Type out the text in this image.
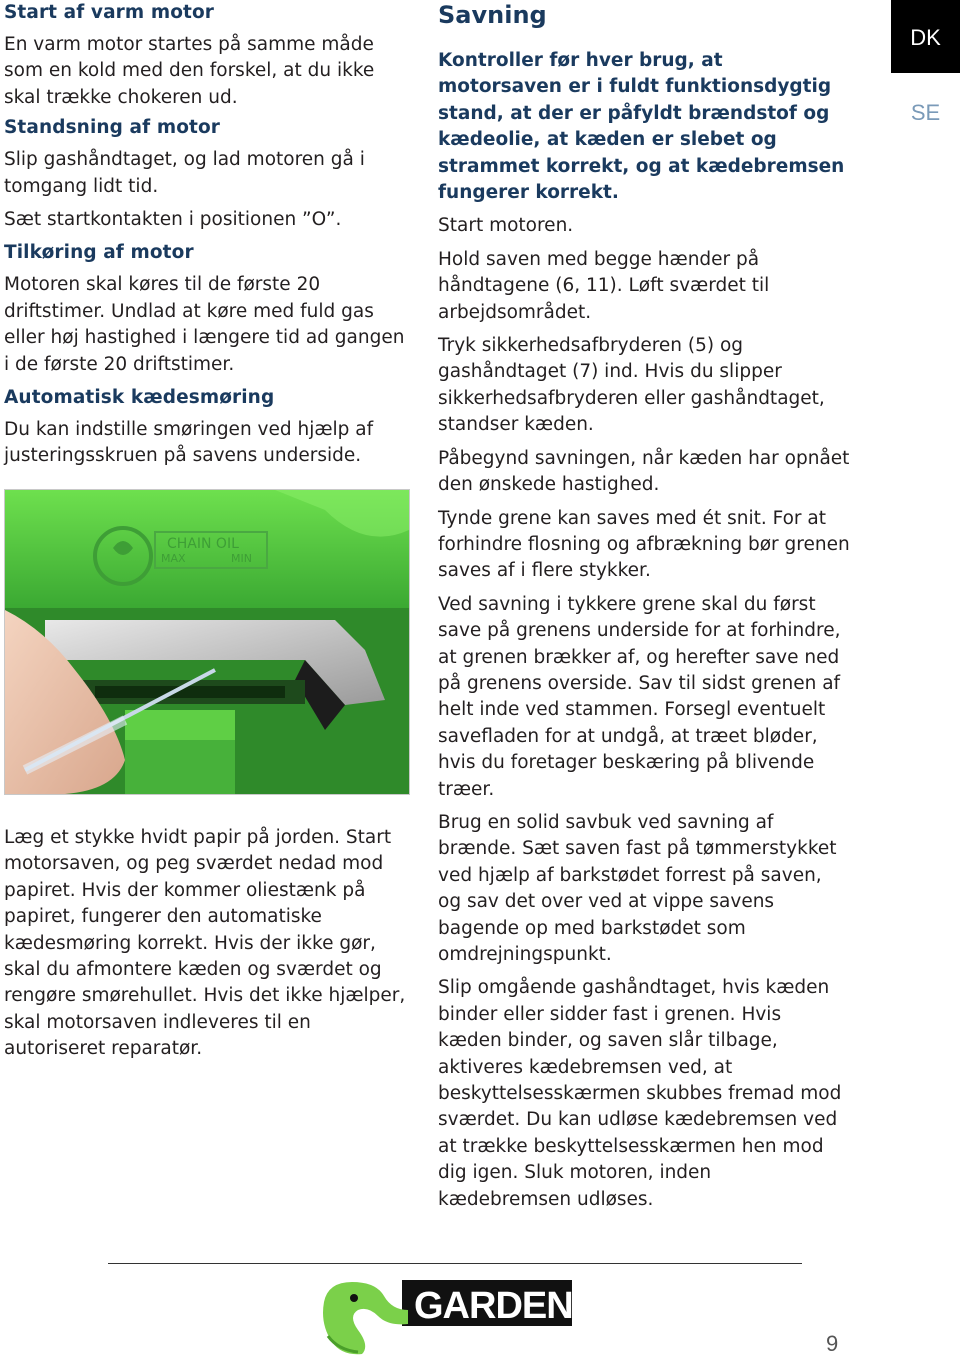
Start af varm motor

En varm motor startes på samme måde som en kold med den forskel, at du ikke skal trække chokeren ud.

Standsning af motor

Slip gashåndtaget, og lad motoren gå i tomgang lidt tid.

Sæt startkontakten i positionen ”O”.

Tilkøring af motor

Motoren skal køres til de første 20 driftstimer. Undlad at køre med fuld gas eller høj hastighed i længere tid ad gangen i de første 20 driftstimer.

Automatisk kædesmøring

Du kan indstille smøringen ved hjælp af justeringsskruen på savens underside.

CHAIN OIL
MAX	MIN

Læg et stykke hvidt papir på jorden. Start motorsaven, og peg sværdet nedad mod papiret. Hvis der kommer oliestænk på papiret, fungerer den automatiske kædesmøring korrekt. Hvis der ikke gør, skal du afmontere kæden og sværdet og rengøre smørehullet. Hvis det ikke hjælper, skal motorsaven indleveres til en autoriseret reparatør.

Savning

Kontroller før hver brug, at motorsaven er i fuldt funktionsdygtig stand, at der er påfyldt brændstof og kædeolie, at kæden er slebet og strammet korrekt, og at kædebremsen fungerer korrekt.

Start motoren.

Hold saven med begge hænder på håndtagene (6, 11). Løft sværdet til arbejdsområdet.

Tryk sikkerhedsafbryderen (5) og gashåndtaget (7) ind. Hvis du slipper sikkerhedsafbryderen eller gashåndtaget, standser kæden.

Påbegynd savningen, når kæden har opnået den ønskede hastighed.

Tynde grene kan saves med ét snit. For at forhindre flosning og afbrækning bør grenen saves af i flere stykker.

Ved savning i tykkere grene skal du først save på grenens underside for at forhindre, at grenen brækker af, og herefter save ned på grenens overside. Sav til sidst grenen af helt inde ved stammen. Forsegl eventuelt savefladen for at undgå, at træet bløder, hvis du foretager beskæring på blivende træer.

Brug en solid savbuk ved savning af brænde. Sæt saven fast på tømmerstykket ved hjælp af barkstødet forrest på saven, og sav det over ved at vippe savens bagende op med barkstødet som omdrejningspunkt.

Slip omgående gashåndtaget, hvis kæden binder eller sidder fast i grenen. Hvis kæden binder, og saven slår tilbage, aktiveres kædebremsen ved, at beskyttelsesskærmen skubbes fremad mod sværdet. Du kan udløse kædebremsen ved at trække beskyttelsesskærmen hen mod dig igen. Sluk motoren, inden kædebremsen udløses.

DK
SE
GARDEN
9
